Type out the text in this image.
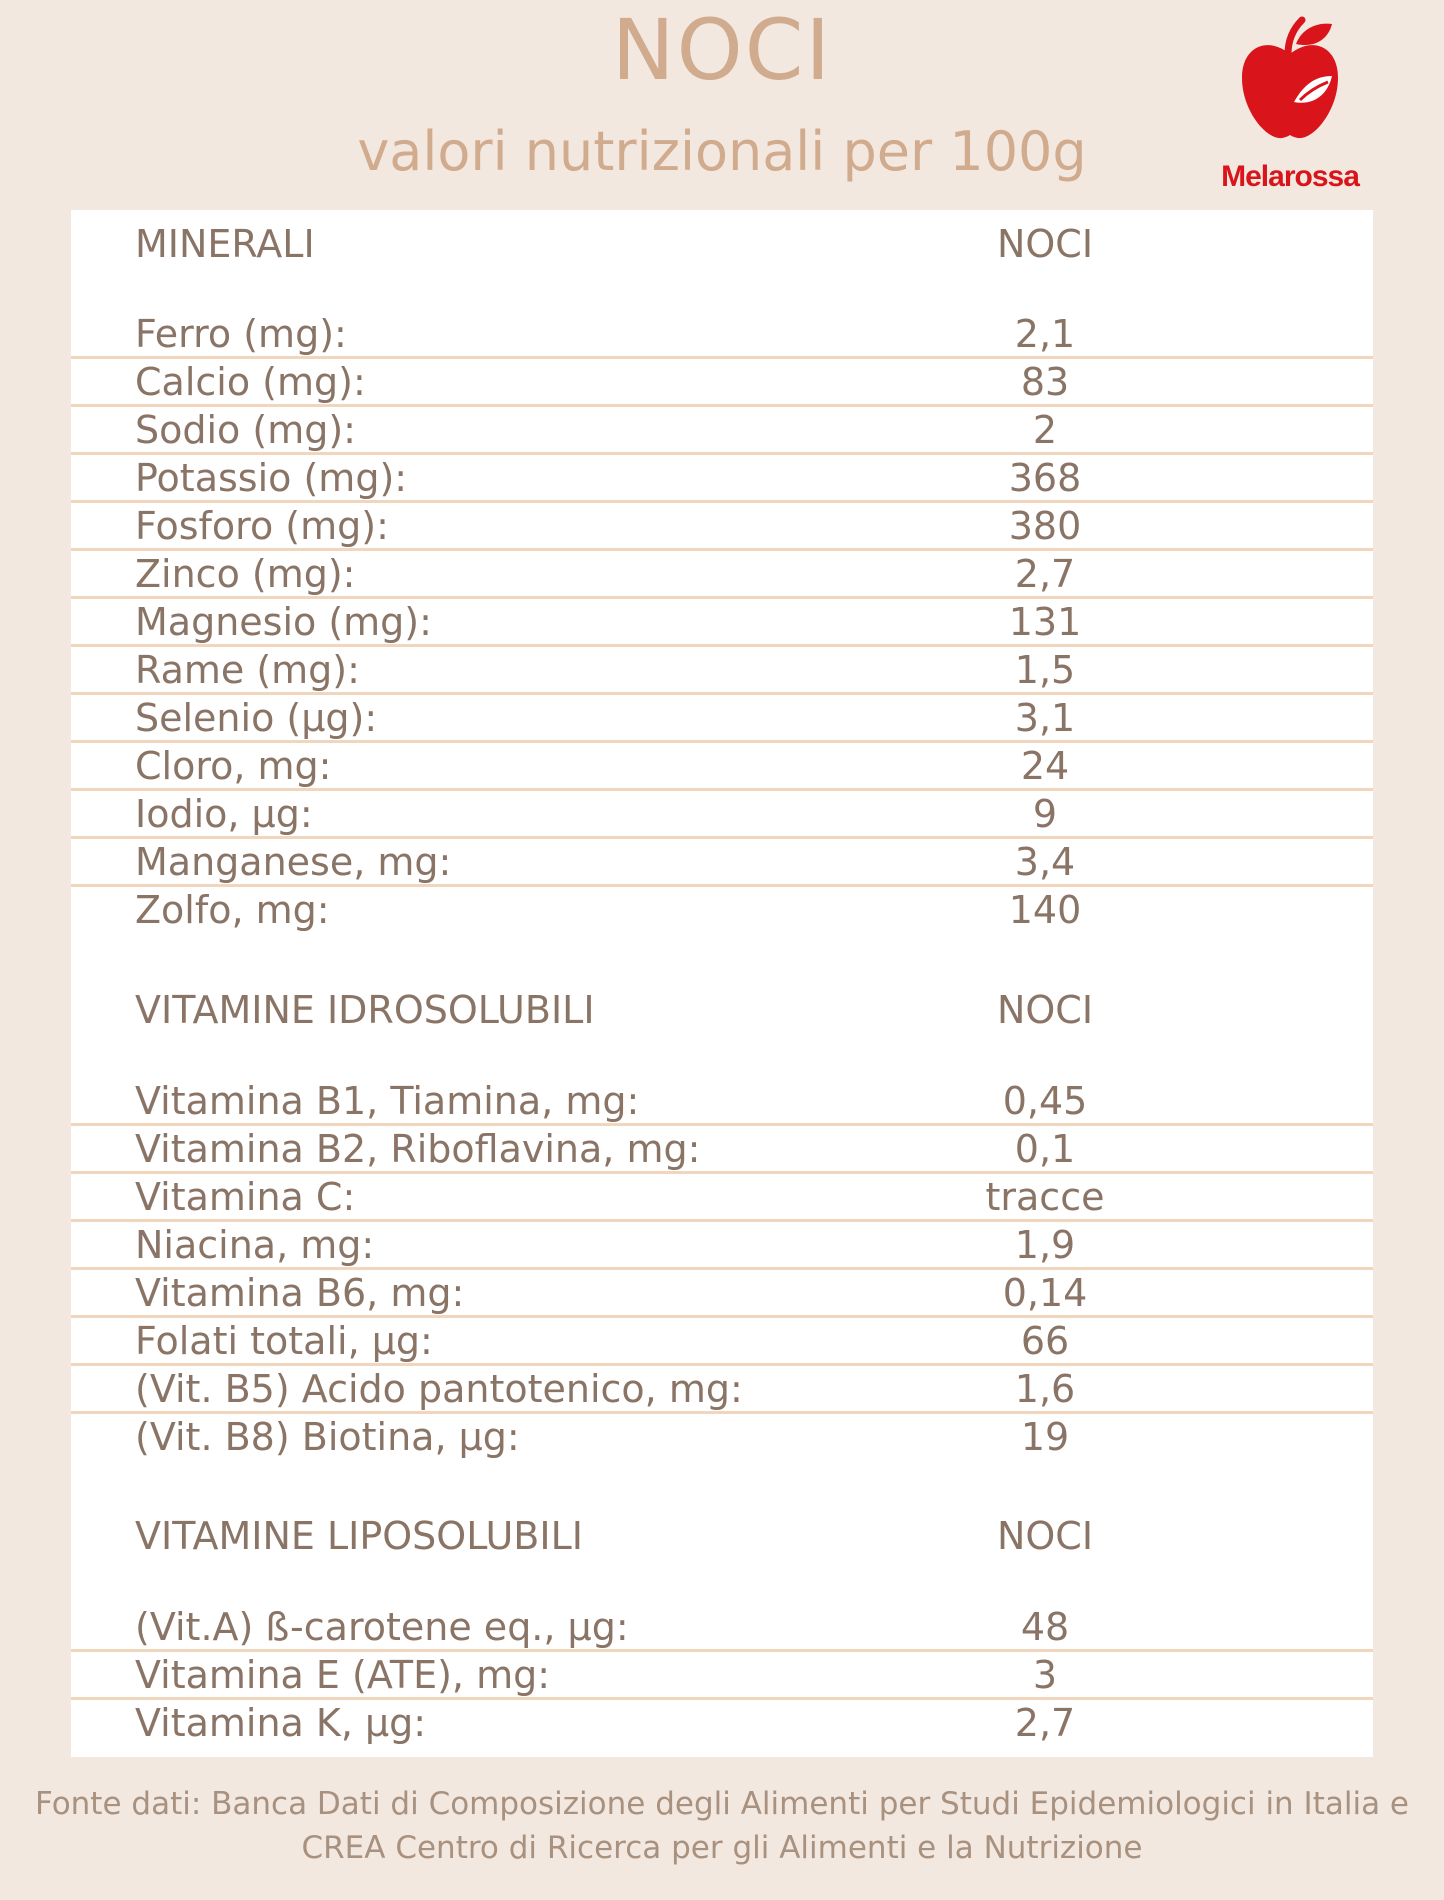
NOCI
valori nutrizionali per 100g	Melarossa
MINERALI	NOCI
Ferro (mg):	2,1
Calcio (mg):	83
Sodio (mg):	2
Potassio (mg):	368
Fosforo (mg):	380
Zinco (mg):	2,7
Magnesio (mg):	131
Rame (mg):	1,5
Selenio (µg):	3,1
Cloro, mg:	24
Iodio, µg:	9
Manganese, mg:	3,4
Zolfo, mg:	140
VITAMINE IDROSOLUBILI	NOCI
Vitamina B1, Tiamina, mg:	0,45
Vitamina B2, Riboflavina, mg:	0,1
Vitamina C:	tracce
Niacina, mg:	1,9
Vitamina B6, mg:	0,14
Folati totali, µg:	66
(Vit. B5) Acido pantotenico, mg:	1,6
(Vit. B8) Biotina, µg:	19
VITAMINE LIPOSOLUBILI	NOCI
(Vit.A) ß-carotene eq., µg:	48
Vitamina E (ATE), mg:	3
Vitamina K, µg:	2,7
Fonte dati: Banca Dati di Composizione degli Alimenti per Studi Epidemiologici in Italia e
CREA Centro di Ricerca per gli Alimenti e la Nutrizione
